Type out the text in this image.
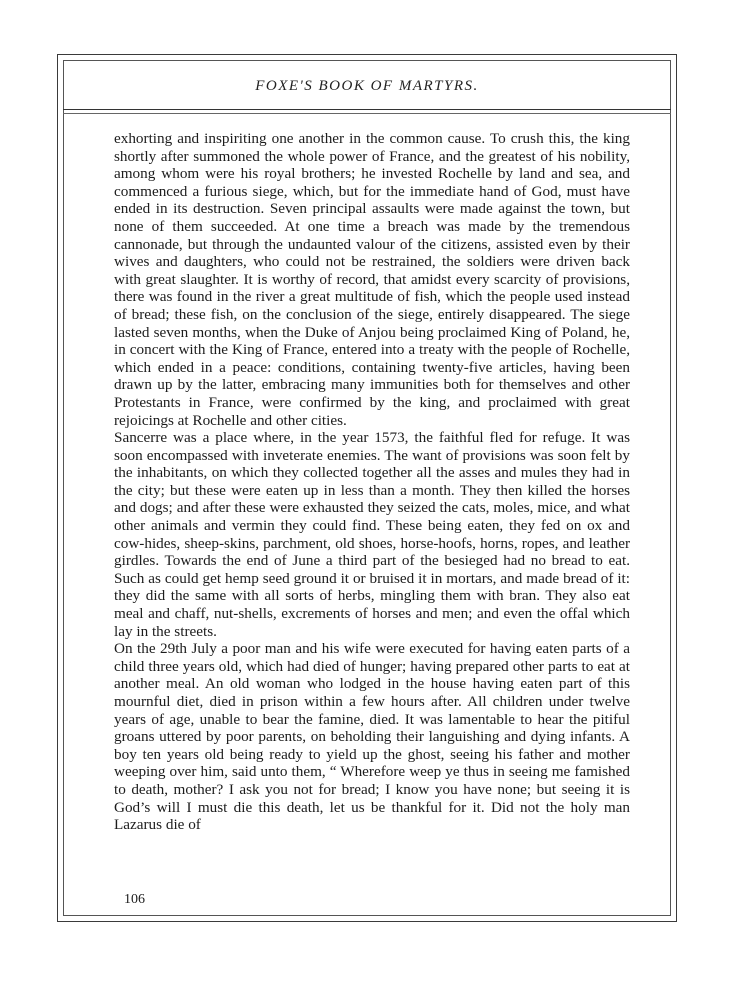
FOXE'S BOOK OF MARTYRS.

exhorting and inspiriting one another in the common cause. To crush this, the king shortly after summoned the whole power of France, and the greatest of his nobility, among whom were his royal brothers; he invested Rochelle by land and sea, and commenced a furious siege, which, but for the immediate hand of God, must have ended in its destruction. Seven principal assaults were made against the town, but none of them succeeded. At one time a breach was made by the tremendous cannonade, but through the undaunted valour of the citizens, assisted even by their wives and daughters, who could not be restrained, the soldiers were driven back with great slaughter. It is worthy of record, that amidst every scarcity of provisions, there was found in the river a great multitude of fish, which the people used instead of bread; these fish, on the conclusion of the siege, entirely disappeared. The siege lasted seven months, when the Duke of Anjou being proclaimed King of Poland, he, in concert with the King of France, entered into a treaty with the people of Rochelle, which ended in a peace: conditions, containing twenty-five articles, having been drawn up by the latter, embracing many immunities both for themselves and other Protestants in France, were confirmed by the king, and proclaimed with great rejoicings at Rochelle and other cities.

Sancerre was a place where, in the year 1573, the faithful fled for refuge. It was soon encompassed with inveterate enemies. The want of provisions was soon felt by the inhabitants, on which they collected together all the asses and mules they had in the city; but these were eaten up in less than a month. They then killed the horses and dogs; and after these were exhausted they seized the cats, moles, mice, and what other animals and vermin they could find. These being eaten, they fed on ox and cow-hides, sheep-skins, parchment, old shoes, horse-hoofs, horns, ropes, and leather girdles. Towards the end of June a third part of the besieged had no bread to eat. Such as could get hemp seed ground it or bruised it in mortars, and made bread of it: they did the same with all sorts of herbs, mingling them with bran. They also eat meal and chaff, nut-shells, excrements of horses and men; and even the offal which lay in the streets.

On the 29th July a poor man and his wife were executed for having eaten parts of a child three years old, which had died of hunger; having prepared other parts to eat at another meal. An old woman who lodged in the house having eaten part of this mournful diet, died in prison within a few hours after. All children under twelve years of age, unable to bear the famine, died. It was lamentable to hear the pitiful groans uttered by poor parents, on beholding their languishing and dying infants. A boy ten years old being ready to yield up the ghost, seeing his father and mother weeping over him, said unto them, “ Wherefore weep ye thus in seeing me famished to death, mother? I ask you not for bread; I know you have none; but seeing it is God’s will I must die this death, let us be thankful for it. Did not the holy man Lazarus die of

106
